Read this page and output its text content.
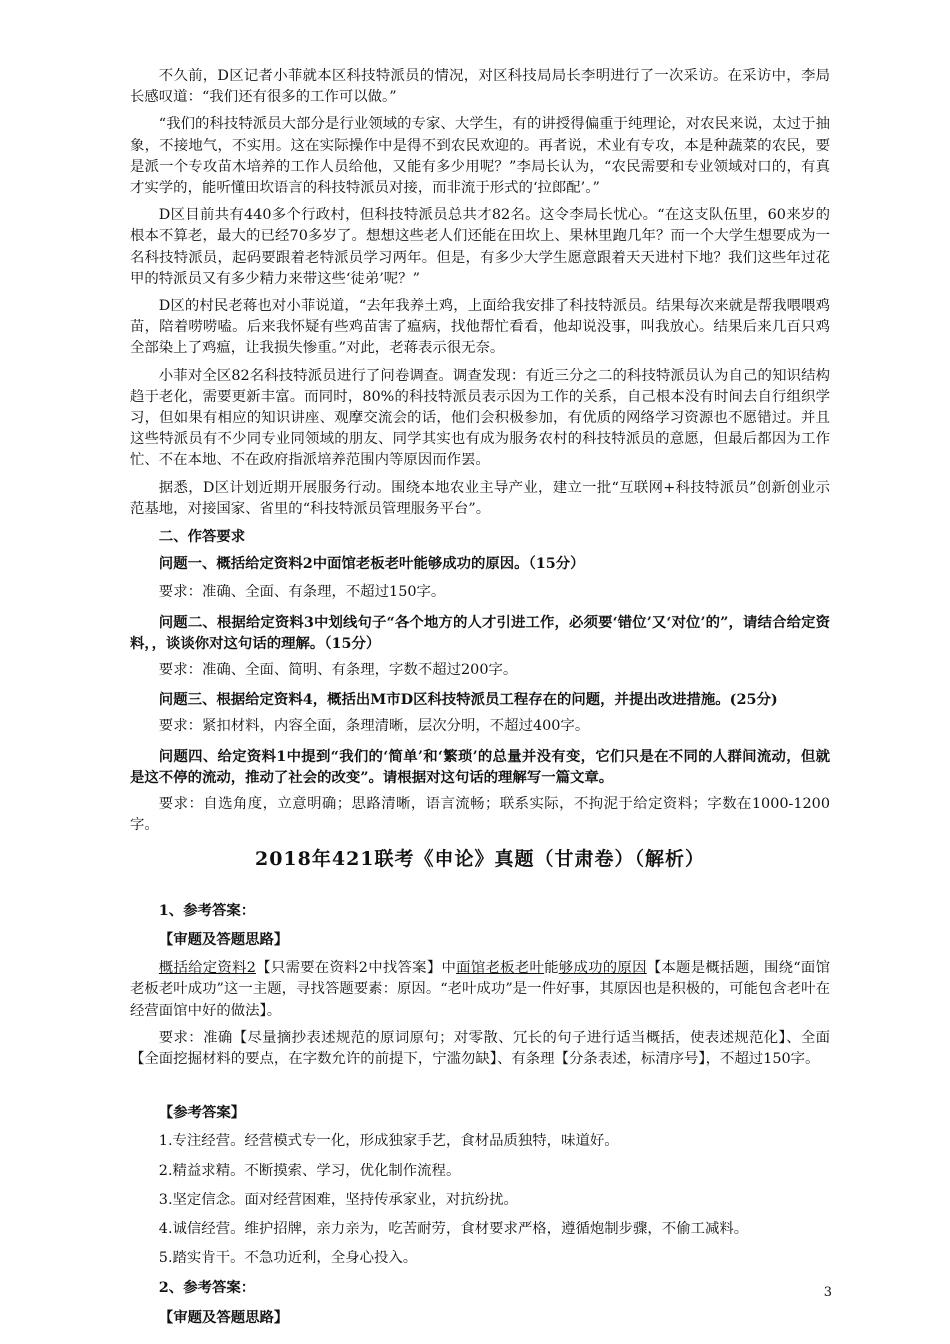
不久前，D区记者小菲就本区科技特派员的情况，对区科技局局长李明进行了一次采访。在采访中，李局长感叹道：“我们还有很多的工作可以做。”

“我们的科技特派员大部分是行业领域的专家、大学生，有的讲授得偏重于纯理论，对农民来说，太过于抽象，不接地气，不实用。这在实际操作中是得不到农民欢迎的。再者说，术业有专攻，本是种蔬菜的农民，要是派一个专攻苗木培养的工作人员给他，又能有多少用呢？”李局长认为，“农民需要和专业领域对口的，有真才实学的，能听懂田坎语言的科技特派员对接，而非流于形式的‘拉郎配’。”

D区目前共有440多个行政村，但科技特派员总共才82名。这令李局长忧心。“在这支队伍里，60来岁的根本不算老，最大的已经70多岁了。想想这些老人们还能在田坎上、果林里跑几年？而一个大学生想要成为一名科技特派员，起码要跟着老特派员学习两年。但是，有多少大学生愿意跟着天天进村下地？我们这些年过花甲的特派员又有多少精力来带这些‘徒弟’呢？”

D区的村民老蒋也对小菲说道，“去年我养土鸡，上面给我安排了科技特派员。结果每次来就是帮我喂喂鸡苗，陪着唠唠嗑。后来我怀疑有些鸡苗害了瘟病，找他帮忙看看，他却说没事，叫我放心。结果后来几百只鸡全部染上了鸡瘟，让我损失惨重。”对此，老蒋表示很无奈。

小菲对全区82名科技特派员进行了问卷调查。调查发现：有近三分之二的科技特派员认为自己的知识结构趋于老化，需要更新丰富。而同时，80%的科技特派员表示因为工作的关系，自己根本没有时间去自行组织学习，但如果有相应的知识讲座、观摩交流会的话，他们会积极参加，有优质的网络学习资源也不愿错过。并且这些特派员有不少同专业同领域的朋友、同学其实也有成为服务农村的科技特派员的意愿，但最后都因为工作忙、不在本地、不在政府指派培养范围内等原因而作罢。

据悉，D区计划近期开展服务行动。围绕本地农业主导产业，建立一批“互联网+科技特派员”创新创业示范基地，对接国家、省里的“科技特派员管理服务平台”。

二、作答要求

问题一、概括给定资料2中面馆老板老叶能够成功的原因。（15分）

要求：准确、全面、有条理，不超过150字。

问题二、根据给定资料3中划线句子“各个地方的人才引进工作，必须要‘错位’又‘对位’的”，请结合给定资料，，谈谈你对这句话的理解。（15分）

要求：准确、全面、简明、有条理，字数不超过200字。

问题三、根据给定资料4，概括出M市D区科技特派员工程存在的问题，并提出改进措施。(25分)

要求：紧扣材料，内容全面，条理清晰，层次分明，不超过400字。

问题四、给定资料1中提到“我们的‘简单’和‘繁琐’的总量并没有变，它们只是在不同的人群间流动，但就是这不停的流动，推动了社会的改变”。请根据对这句话的理解写一篇文章。

要求：自选角度，立意明确；思路清晰，语言流畅；联系实际，不拘泥于给定资料；字数在1000-1200字。

2018年421联考《申论》真题（甘肃卷）（解析）

1、参考答案：

【审题及答题思路】

概括给定资料2【只需要在资料2中找答案】中面馆老板老叶能够成功的原因【本题是概括题，围绕“面馆老板老叶成功”这一主题，寻找答题要素：原因。“老叶成功”是一件好事，其原因也是积极的，可能包含老叶在经营面馆中好的做法】。

要求：准确【尽量摘抄表述规范的原词原句；对零散、冗长的句子进行适当概括，使表述规范化】、全面【全面挖掘材料的要点，在字数允许的前提下，宁滥勿缺】、有条理【分条表述，标清序号】，不超过150字。

【参考答案】

1.专注经营。经营模式专一化，形成独家手艺，食材品质独特，味道好。

2.精益求精。不断摸索、学习，优化制作流程。

3.坚定信念。面对经营困难，坚持传承家业，对抗纷扰。

4.诚信经营。维护招牌，亲力亲为，吃苦耐劳，食材要求严格，遵循炮制步骤，不偷工减料。

5.踏实肯干。不急功近利，全身心投入。

2、参考答案：

【审题及答题思路】

3
